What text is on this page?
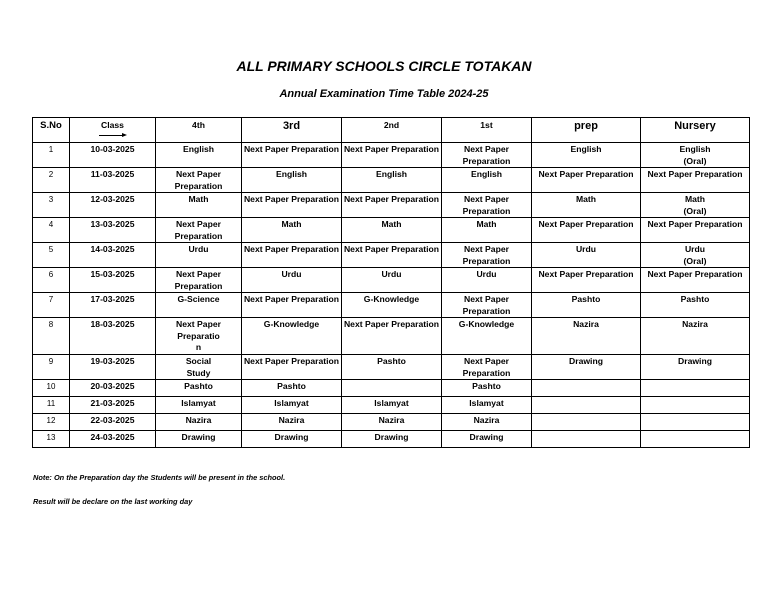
ALL PRIMARY SCHOOLS CIRCLE TOTAKAN
Annual Examination Time Table 2024-25
S.No	Class	4th	3rd	2nd	1st	prep	Nursery
1	10-03-2025	English	Next Paper Preparation	Next Paper Preparation	Next Paper Preparation	English	English
(Oral)
2	11-03-2025	Next Paper Preparation	English	English	English	Next Paper Preparation	Next Paper Preparation
3	12-03-2025	Math	Next Paper Preparation	Next Paper Preparation	Next Paper Preparation	Math	Math
(Oral)
4	13-03-2025	Next Paper Preparation	Math	Math	Math	Next Paper Preparation	Next Paper Preparation
5	14-03-2025	Urdu	Next Paper Preparation	Next Paper Preparation	Next Paper Preparation	Urdu	Urdu
(Oral)
6	15-03-2025	Next Paper Preparation	Urdu	Urdu	Urdu	Next Paper Preparation	Next Paper Preparation
7	17-03-2025	G-Science	Next Paper Preparation	G-Knowledge	Next Paper Preparation	Pashto	Pashto
8	18-03-2025	Next Paper
Preparatio
n	G-Knowledge	Next Paper Preparation	G-Knowledge	Nazira	Nazira
9	19-03-2025	Social
Study	Next Paper Preparation	Pashto	Next Paper Preparation	Drawing	Drawing
10	20-03-2025	Pashto	Pashto		Pashto		
11	21-03-2025	Islamyat	Islamyat	Islamyat	Islamyat		
12	22-03-2025	Nazira	Nazira	Nazira	Nazira		
13	24-03-2025	Drawing	Drawing	Drawing	Drawing		
Note: On the Preparation day the Students will be present in the school.
Result will be declare on the last working day
